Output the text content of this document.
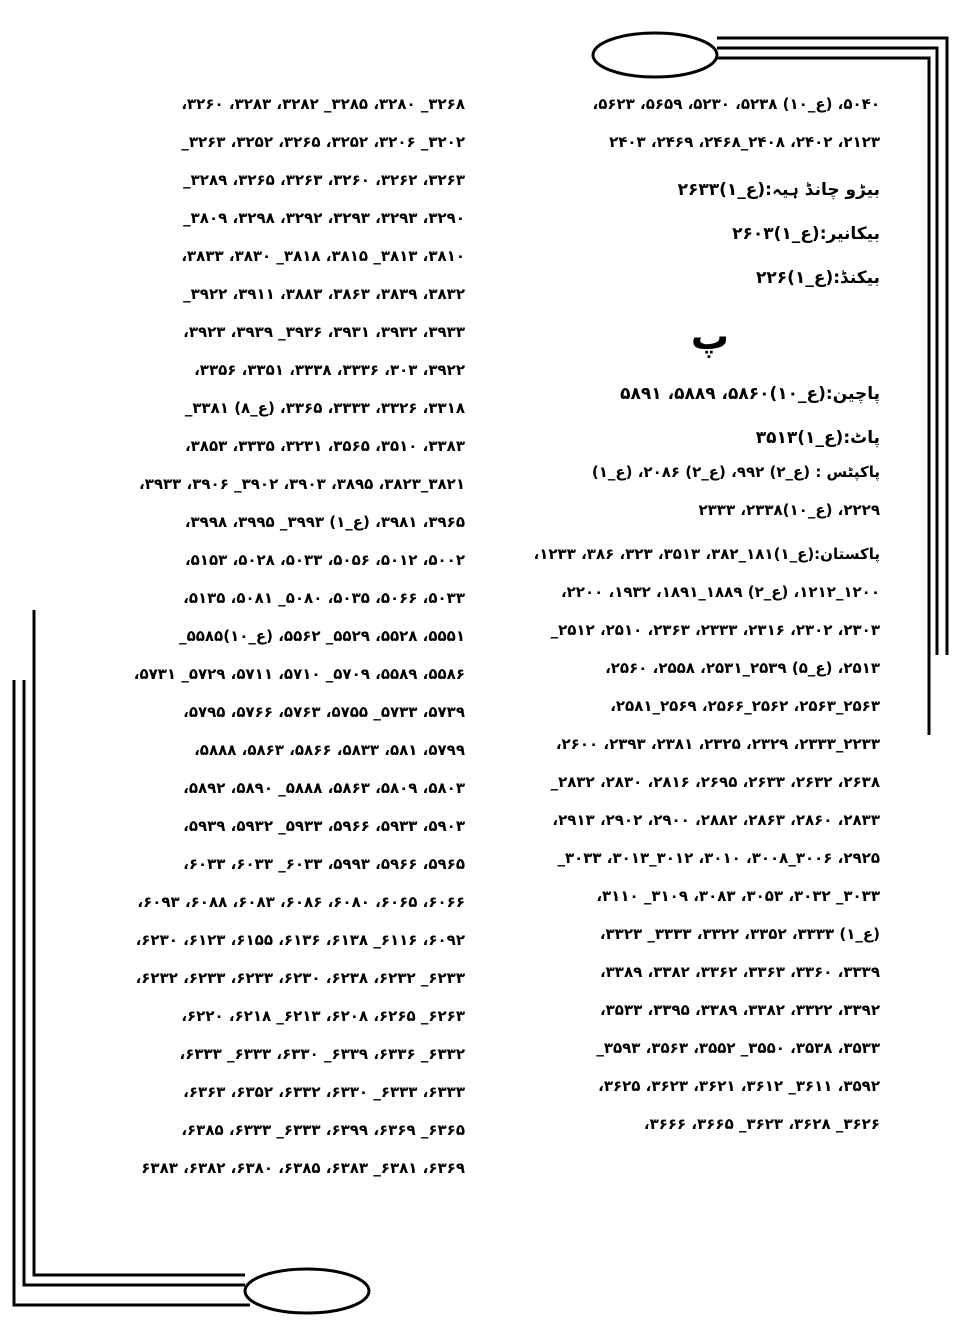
۵۰۴۰، (ع_۱۰) ۵۲۳۸، ۵۲۳۰، ۵۶۵۹، ۵۶۲۳،
۲۱۲۳، ۲۴۰۲، ۲۴۰۸_۲۴۶۸، ۲۴۶۹، ۲۴۰۳
بیڑو چانڈ ہیہ:(ع_۱)۲۶۳۳
بیکانیر:(ع_۱)۲۶۰۳
بیکنڈ:(ع_۱)۲۲۶
پ
پاچین:(ع_۱۰)۵۸۶۰، ۵۸۸۹، ۵۸۹۱
پاٹ:(ع_۱)۳۵۱۳
پاکپٹس : (ع_۲) ۹۹۲، (ع_۲) ۲۰۸۶، (ع_۱)
۲۲۲۹، (ع_۱۰)۲۳۳۸، ۲۳۳۳
پاکستان:(ع_۱)۱۸۱_۳۸۲، ۳۵۱۳، ۳۲۳، ۳۸۶، ۱۲۳۳،
۱۲۰۰_۱۲۱۲، (ع_۲) ۱۸۸۹_۱۸۹۱، ۱۹۳۲، ۲۲۰۰،
۲۳۰۳، ۲۳۰۲، ۲۳۱۶، ۲۳۳۳، ۲۳۶۳، ۲۵۱۰، ۲۵۱۲_
۲۵۱۳، (ع_۵) ۲۵۳۹_۲۵۳۱، ۲۵۵۸، ۲۵۶۰،
۲۵۶۳_۲۵۶۳، ۲۵۶۲_۲۵۶۶، ۲۵۶۹_۲۵۸۱،
۲۲۳۳_۲۳۳۳، ۲۳۲۹، ۲۳۲۵، ۲۳۸۱، ۲۳۹۳، ۲۶۰۰،
۲۶۳۸، ۲۶۳۲، ۲۶۳۳، ۲۶۹۵، ۲۸۱۶، ۲۸۳۰، ۲۸۳۲_
۲۸۳۳، ۲۸۶۰، ۲۸۶۳، ۲۸۸۲، ۲۹۰۰، ۲۹۰۲، ۲۹۱۳،
۲۹۲۵، ۳۰۰۶_۳۰۰۸، ۳۰۱۰، ۳۰۱۲_۳۰۱۳، ۳۰۳۳_
۳۰۳۳_ ۳۰۳۲، ۳۰۵۳، ۳۰۸۳، ۳۱۰۹_ ۳۱۱۰،
(ع_۱) ۳۳۳۳، ۳۳۵۲، ۳۳۲۲، ۳۳۳۳_ ۳۳۲۳،
۳۳۳۹، ۳۳۶۰، ۳۳۶۳، ۳۳۶۲، ۳۳۸۲، ۳۳۸۹،
۳۳۹۲، ۳۳۲۲، ۳۳۸۲، ۳۳۸۹، ۳۳۹۵، ۳۵۳۳،
۳۵۳۳، ۳۵۳۸، ۳۵۵۰_ ۳۵۵۲، ۳۵۶۳، ۳۵۹۳_
۳۵۹۲، ۳۶۱۱_ ۳۶۱۲، ۳۶۲۱، ۳۶۲۳، ۳۶۲۵،
۳۶۲۶_ ۳۶۲۸، ۳۶۲۳_ ۳۶۶۵، ۳۶۶۶،
۳۲۶۸_ ۳۲۸۰، ۳۲۸۵_ ۳۲۸۲، ۳۲۸۳، ۳۲۶۰،
۳۲۰۲_ ۳۲۰۶، ۳۲۵۲، ۳۲۶۵، ۳۲۵۲، ۳۲۶۳_
۳۲۶۳، ۳۲۶۲، ۳۲۶۰، ۳۲۶۳، ۳۲۶۵، ۳۲۸۹_
۳۲۹۰، ۳۲۹۳، ۳۲۹۳، ۳۲۹۲، ۳۲۹۸، ۳۸۰۹_
۳۸۱۰، ۳۸۱۳_ ۳۸۱۵، ۳۸۱۸_ ۳۸۳۰، ۳۸۳۳،
۳۸۳۲، ۳۸۳۹، ۳۸۶۳، ۳۸۸۳، ۳۹۱۱، ۳۹۲۲_
۳۹۳۳، ۳۹۳۲، ۳۹۳۱، ۳۹۳۶_ ۳۹۳۹، ۳۹۲۳،
۳۹۲۲، ۳۰۳، ۳۳۳۶، ۳۳۳۸، ۳۳۵۱، ۳۳۵۶،
۳۳۱۸، ۳۳۲۶، ۳۳۳۳، ۳۳۶۵، (ع_۸) ۳۳۸۱_
۳۳۸۳، ۳۵۱۰، ۳۵۶۵، ۳۲۳۱، ۳۳۳۵، ۳۸۵۳،
۳۸۲۱_۳۸۲۳، ۳۸۹۵، ۳۹۰۳، ۳۹۰۲_ ۳۹۰۶، ۳۹۳۳،
۳۹۶۵، ۳۹۸۱، (ع_۱) ۳۹۹۳_ ۳۹۹۵، ۳۹۹۸،
۵۰۰۲، ۵۰۱۲، ۵۰۵۶، ۵۰۳۳، ۵۰۲۸، ۵۱۵۳،
۵۰۳۳، ۵۰۶۶، ۵۰۳۵، ۵۰۸۰_ ۵۰۸۱، ۵۱۳۵،
۵۵۵۱، ۵۵۲۸، ۵۵۲۹_ ۵۵۶۲، (ع_۱۰)۵۵۸۵_
۵۵۸۶، ۵۵۸۹، ۵۷۰۹_ ۵۷۱۰، ۵۷۱۱، ۵۷۲۹_ ۵۷۳۱،
۵۷۳۹، ۵۷۳۳_ ۵۷۵۵، ۵۷۶۳، ۵۷۶۶، ۵۷۹۵،
۵۷۹۹، ۵۸۱، ۵۸۳۳، ۵۸۶۶، ۵۸۶۳، ۵۸۸۸،
۵۸۰۳، ۵۸۰۹، ۵۸۶۳، ۵۸۸۸_ ۵۸۹۰، ۵۸۹۲،
۵۹۰۳، ۵۹۳۳، ۵۹۶۶، ۵۹۳۳_ ۵۹۳۲، ۵۹۳۹،
۵۹۶۵، ۵۹۶۶، ۵۹۹۳، ۶۰۳۳_ ۶۰۳۳، ۶۰۳۳،
۶۰۶۶، ۶۰۶۵، ۶۰۸۰، ۶۰۸۶، ۶۰۸۳، ۶۰۸۸، ۶۰۹۳،
۶۰۹۲، ۶۱۱۶_ ۶۱۳۸، ۶۱۳۶، ۶۱۵۵، ۶۱۲۳، ۶۲۳۰،
۶۲۳۳_ ۶۲۳۲، ۶۲۳۸، ۶۲۳۰، ۶۲۳۳، ۶۲۳۳، ۶۲۳۲،
۶۲۶۳_ ۶۲۶۵، ۶۲۰۸، ۶۲۱۳_ ۶۲۱۸، ۶۲۲۰،
۶۳۳۲_ ۶۳۳۶، ۶۳۳۹_ ۶۳۳۰، ۶۳۳۳_ ۶۳۳۳،
۶۳۳۳، ۶۳۳۳_ ۶۳۳۰، ۶۳۳۲، ۶۳۵۲، ۶۳۶۳،
۶۳۶۵_ ۶۳۶۹، ۶۳۹۹، ۶۳۳۳_ ۶۳۳۳، ۶۳۸۵،
۶۳۶۹، ۶۳۸۱_ ۶۳۸۳، ۶۳۸۵، ۶۳۸۰، ۶۳۸۲، ۶۳۸۳
